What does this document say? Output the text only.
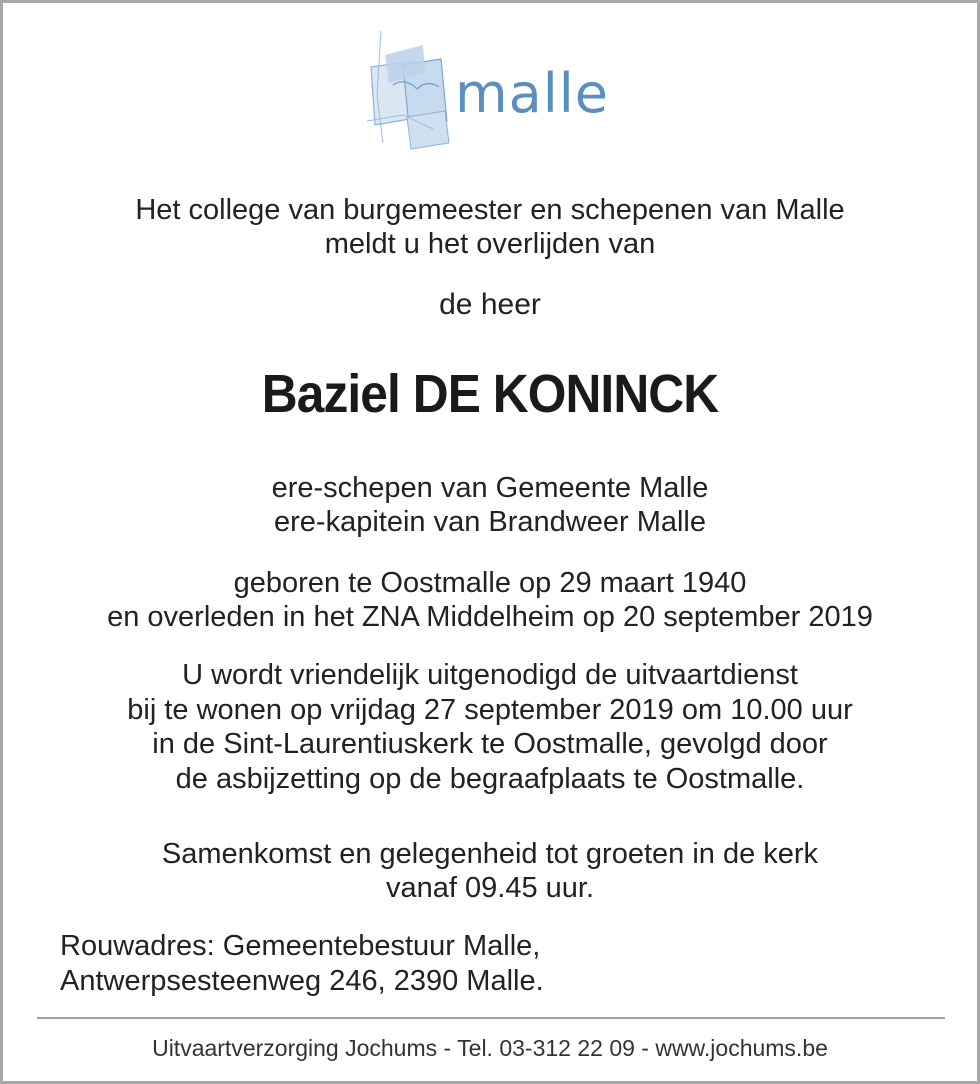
malle
Het college van burgemeester en schepenen van Malle
meldt u het overlijden van
de heer
Baziel DE KONINCK
ere-schepen van Gemeente Malle
ere-kapitein van Brandweer Malle
geboren te Oostmalle op 29 maart 1940
en overleden in het ZNA Middelheim op 20 september 2019
U wordt vriendelijk uitgenodigd de uitvaartdienst
bij te wonen op vrijdag 27 september 2019 om 10.00 uur
in de Sint-Laurentiuskerk te Oostmalle, gevolgd door
de asbijzetting op de begraafplaats te Oostmalle.
Samenkomst en gelegenheid tot groeten in de kerk
vanaf 09.45 uur.
Rouwadres: Gemeentebestuur Malle,
Antwerpsesteenweg 246, 2390 Malle.
Uitvaartverzorging Jochums - Tel. 03-312 22 09 - www.jochums.be
